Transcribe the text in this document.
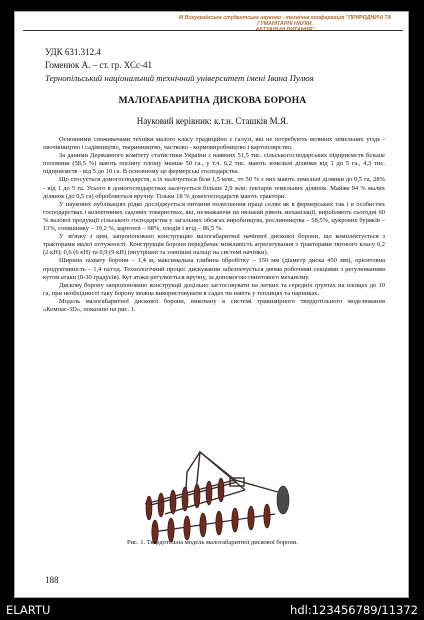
ІІІ Всеукраїнська студентська науково - технічна конференція "ПРИРОДНИЧІ ТА ГУМАНІТАРНІ НАУКИ.
УДК 631.312.4
Гоменюк А. – ст. гр. ХСс-41
Тернопільський національний технічний університет імені Івана Пулюя
МАЛОГАБАРИТНА ДИСКОВА БОРОНА
Науковий керівник: к.т.н. Сташків М.Я.

Основними споживачами техніки малого класу традиційно є галузі, які не потребують великих земельних угідь - овочівництво і садівництво, тваринництво, частково - кормовиробництво і картоплярство.

За даними Державного комітету статистики України з наявних 51,5 тис. сільськогосподарських підприємств більше половини (58,5 %) мають посівну площу менше 50 га., у т.ч. 6,2 тис. мають земельні ділянки від 1 до 5 га., 4,3 тис. підприємств - від 5 до 10 га. В основному це фермерські господарства.

Що стосується домогосподарств, а їх налічується біля 1,5 млн., то 50 % з них мають земельні ділянки до 0,5 га, 28% - від 1 до 5 га. Усього в домогосподарствах налічується більше 2,9 млн. гектарів земельних ділянок. Майже 94 % малих ділянок (до 0,5 га) обробляється вручну. Тільки 18 % домогосподарств мають трактори.

У наукових публікаціях рідко досліджується питання полегшення праці селян як в фермерських так і в особистих господарствах і колективних садових товариствах, які, незважаючи на низький рівень механізації, виробляють сьогодні 60 % валової продукції сільського господарства у загальних обсягах виробництва, рослинництва – 58,5%, цукрових буряків – 13%, соняшнику – 19,2 %, картоплі – 98%, плодів і ягід – 86,5 %.

У зв'язку з цим, запропоновано конструкцію малогабаритної начіпної дискової борони, що комплектується з тракторами малої потужності. Конструкція борони передбачає можливість агрегатування з тракторами тягового класу 0,2 (2 кН); 0,6 (6 кН) та 0,9 (9 кН) (внутрішні та зовнішні пальці на системі начіпки).

Ширина захвату борони – 1,4 м, максимальна глибина обробітку – 150 мм (діаметр диска 450 мм), орієнтовна продуктивність – 1,4 га/год. Технологічний процес дискування забезпечується двома робочими секціями з регулюванням кутом атаки (0-30 градусів). Кут атаки регулюється вручну, за допомогою гвинтового механізму.

Дискову борону запропоновано конструкції доцільно застосовувати на легких та середніх ґрунтах на площах до 10 га, при необхідності таку борону можна використовувати в садах чи навіть у теплицях та парниках.

Модель малогабаритної дискової борони, виконану в системі тривимірного твердотільного моделювання «Компас-3D», показано на рис. 1.

Рис. 1. Твердотільна модель малогабаритної дискової борони.
188
ELARTU	hdl:123456789/11372
